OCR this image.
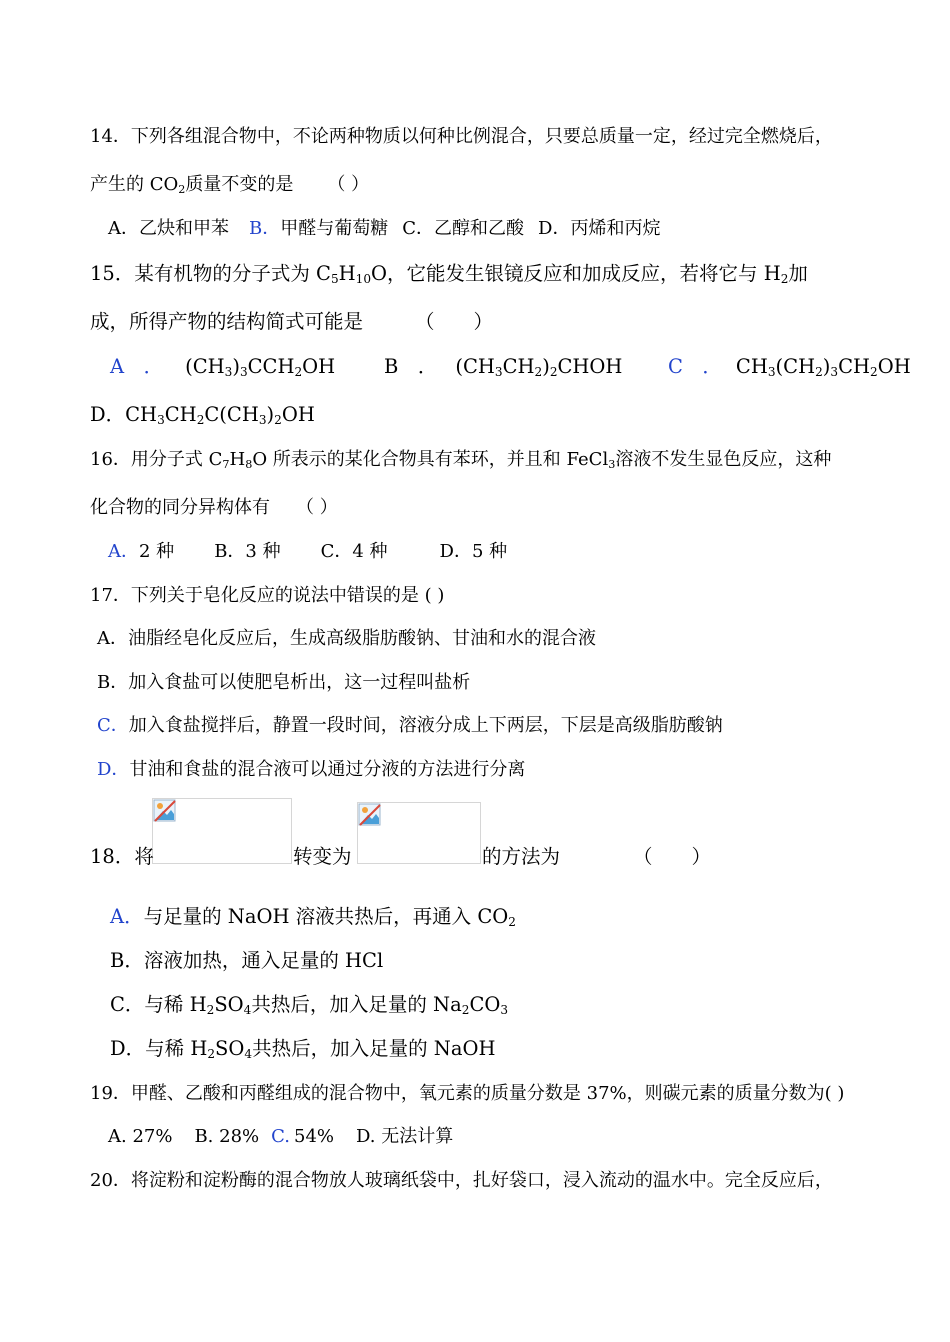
14．下列各组混合物中，不论两种物质以何种比例混合，只要总质量一定，经过完全燃烧后，
产生的 $CO_2$质量不变的是 （ ）
A．乙炔和甲苯 B．甲醛与葡萄糖 C．乙醇和乙酸 D．丙烯和丙烷
15．某有机物的分子式为 $C_5H_{10}O$，它能发生银镜反应和加成反应，若将它与 $H_2$加
成，所得产物的结构简式可能是	（　　）
A　． $(CH_3)_3CCH_2OH$	B　． $(CH_3CH_2)_2CHOH$ C　． $CH_3(CH_2)_3CH_2OH$
D．$CH_3CH_2C(CH_3)_2OH$
16．用分子式 $C_7H_8O$ 所表示的某化合物具有苯环，并且和 FeCl$_3$溶液不发生显色反应，这种
化合物的同分异构体有 （ ）
A．2 种 B．3 种 C．4 种	D．5 种
17．下列关于皂化反应的说法中错误的是 ( )
A．油脂经皂化反应后，生成高级脂肪酸钠、甘油和水的混合液
B．加入食盐可以使肥皂析出，这一过程叫盐析
C．加入食盐搅拌后，静置一段时间，溶液分成上下两层，下层是高级脂肪酸钠
D．甘油和食盐的混合液可以通过分液的方法进行分离
18．将	转变为	的方法为	（　　）
A．与足量的 NaOH 溶液共热后，再通入 $CO_2$
B．溶液加热，通入足量的 HCl
C．与稀 $H_2SO_4$共热后，加入足量的 $Na_2CO_3$
D．与稀 $H_2SO_4$共热后，加入足量的 NaOH
19．甲醛、乙酸和丙醛组成的混合物中，氧元素的质量分数是 37%，则碳元素的质量分数为( )
A. 27% B. 28% C. 54% D. 无法计算
20．将淀粉和淀粉酶的混合物放人玻璃纸袋中，扎好袋口，浸入流动的温水中。完全反应后，
